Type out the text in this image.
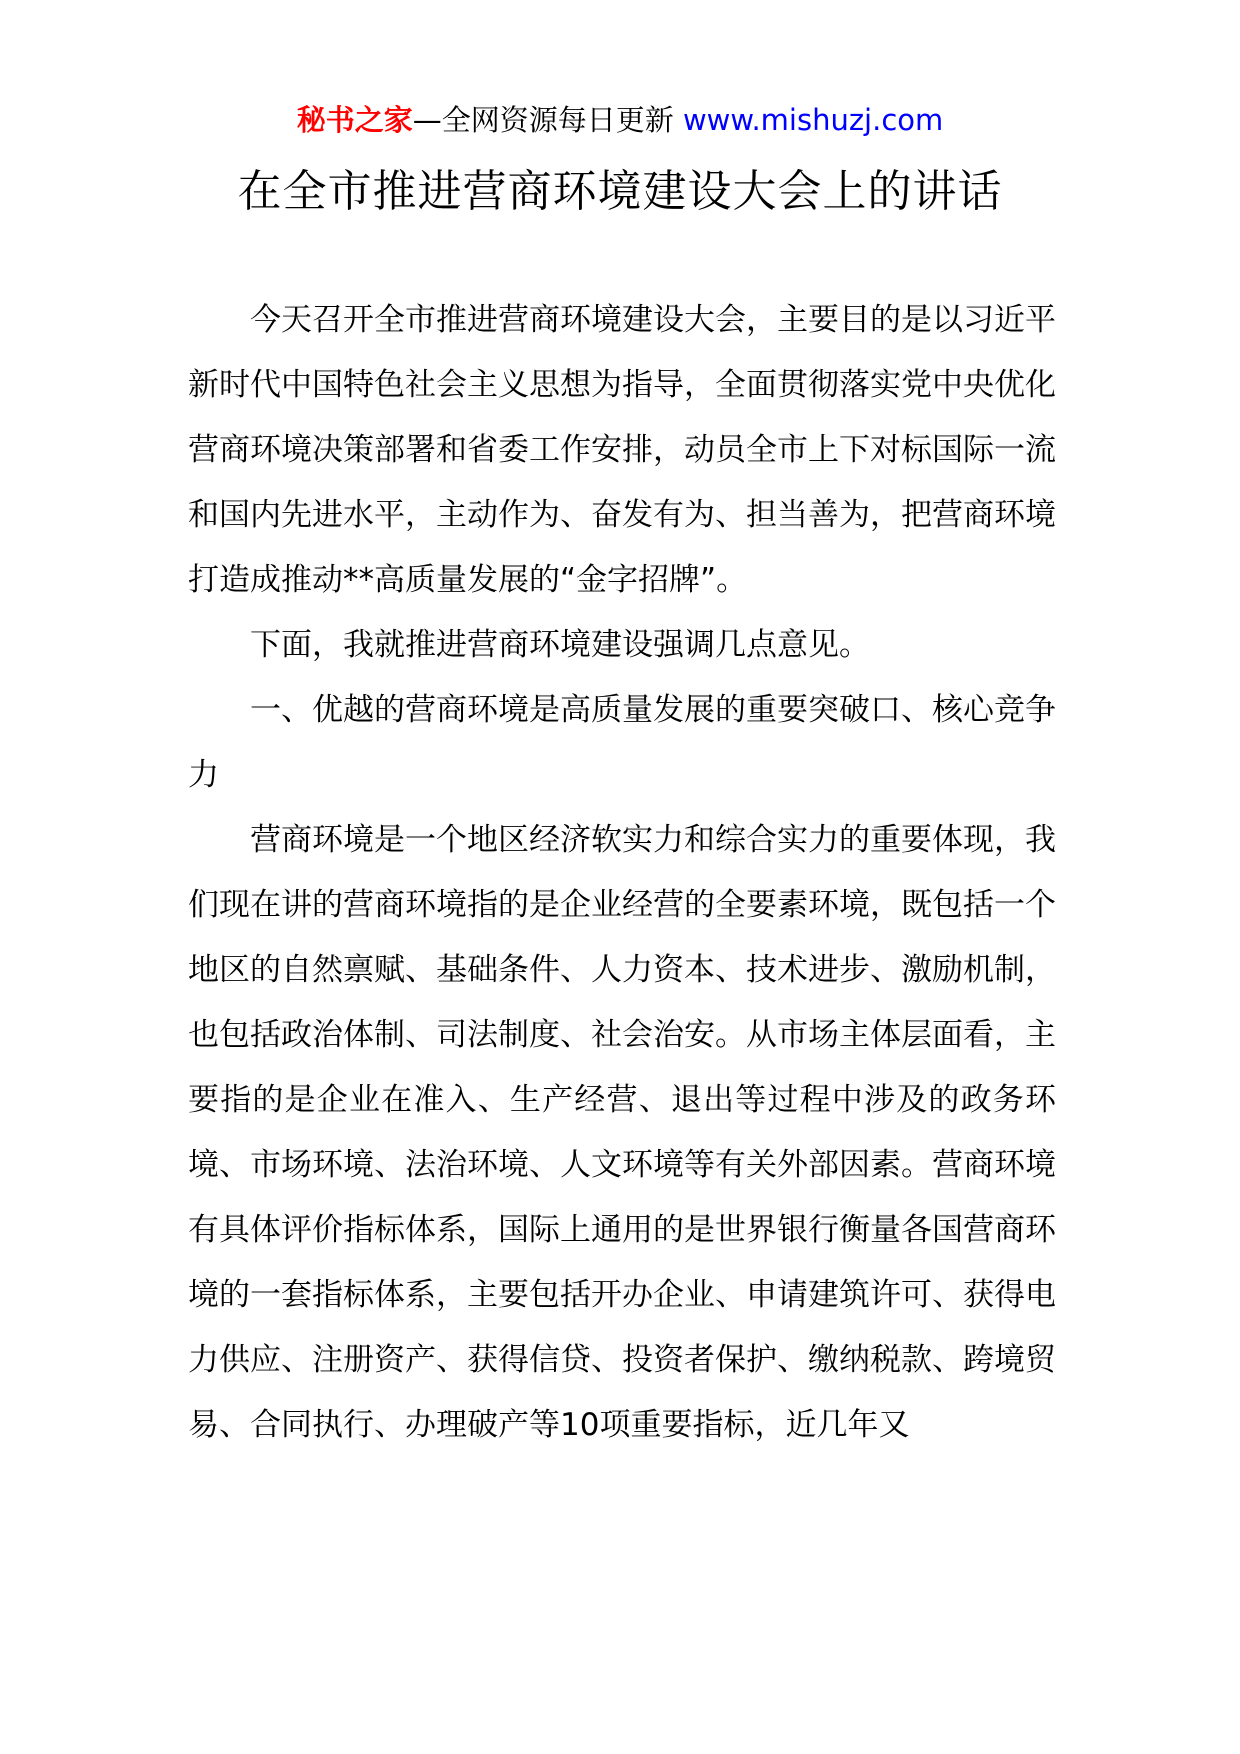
秘书之家—全网资源每日更新 www.mishuzj.com
在全市推进营商环境建设大会上的讲话

今天召开全市推进营商环境建设大会，主要目的是以习近平新时代中国特色社会主义思想为指导，全面贯彻落实党中央优化营商环境决策部署和省委工作安排，动员全市上下对标国际一流和国内先进水平，主动作为、奋发有为、担当善为，把营商环境打造成推动**高质量发展的“金字招牌”。

下面，我就推进营商环境建设强调几点意见。

一、优越的营商环境是高质量发展的重要突破口、核心竞争力

营商环境是一个地区经济软实力和综合实力的重要体现，我们现在讲的营商环境指的是企业经营的全要素环境，既包括一个地区的自然禀赋、基础条件、人力资本、技术进步、激励机制，也包括政治体制、司法制度、社会治安。从市场主体层面看，主要指的是企业在准入、生产经营、退出等过程中涉及的政务环境、市场环境、法治环境、人文环境等有关外部因素。营商环境有具体评价指标体系，国际上通用的是世界银行衡量各国营商环境的一套指标体系，主要包括开办企业、申请建筑许可、获得电力供应、注册资产、获得信贷、投资者保护、缴纳税款、跨境贸易、合同执行、办理破产等10项重要指标，近几年又
